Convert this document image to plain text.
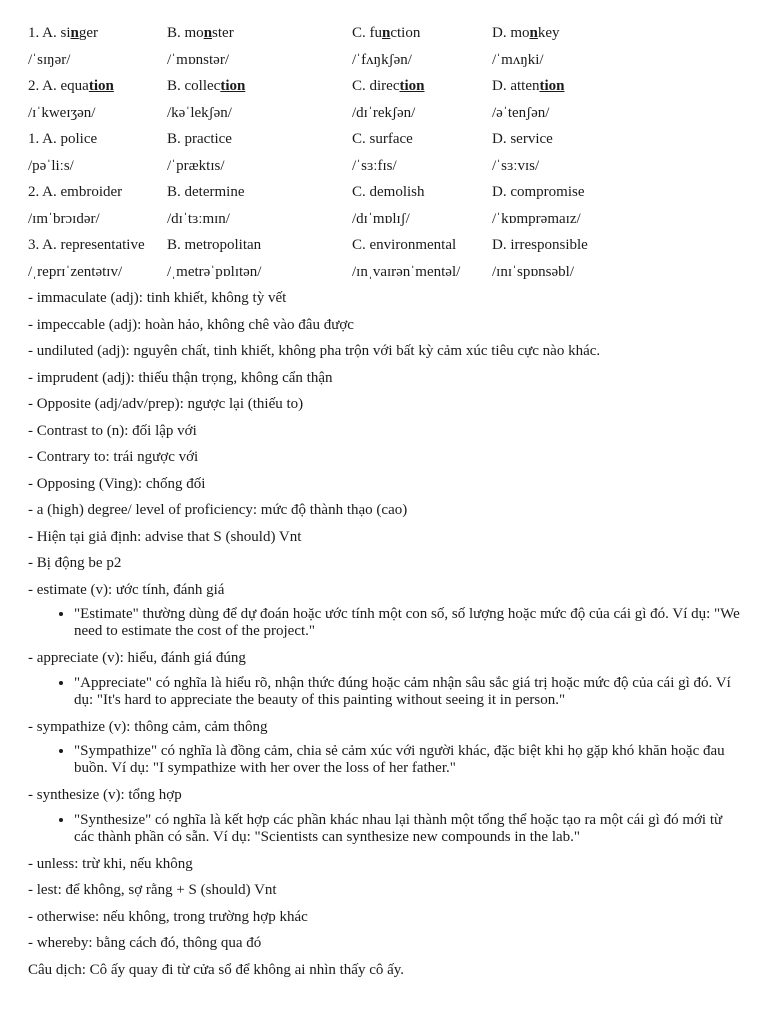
1. A. singer	B. monster	C. function	D. monkey
/ˈsɪŋər/	/ˈmɒnstər/	/ˈfʌŋkʃən/	/ˈmʌŋki/
2. A. equation	B. collection	C. direction	D. attention
/ɪˈkweɪʒən/	/kəˈlekʃən/	/dɪˈrekʃən/	/əˈtenʃən/
1. A. police	B. practice	C. surface	D. service
/pəˈliːs/	/ˈpræktɪs/	/ˈsɜːfɪs/	/ˈsɜːvɪs/
2. A. embroider	B. determine	C. demolish	D. compromise
/ɪmˈbrɔɪdər/	/dɪˈtɜːmɪn/	/dɪˈmɒlɪʃ/	/ˈkɒmprəmaɪz/
3. A. representative B. metropolitan	C. environmental D. irresponsible
/ˌreprɪˈzentətɪv/	/ˌmetrəˈpɒlɪtən/	/ɪnˌvaɪrənˈmentəl/ /ɪnɪˈspɒnsəbl/
- immaculate (adj): tinh khiết, không tỳ vết
- impeccable (adj): hoàn hảo, không chê vào đâu được
- undiluted (adj): nguyên chất, tinh khiết, không pha trộn với bất kỳ cảm xúc tiêu cực nào khác.
- imprudent (adj): thiếu thận trọng, không cẩn thận
- Opposite (adj/adv/prep): ngược lại (thiếu to)
- Contrast to (n): đối lập với
- Contrary to: trái ngược với
- Opposing (Ving): chống đối
- a (high) degree/ level of proficiency: mức độ thành thạo (cao)
- Hiện tại giả định: advise that S (should) Vnt
- Bị động be p2
- estimate (v): ước tính, đánh giá
• "Estimate" thường dùng để dự đoán hoặc ước tính một con số, số lượng hoặc mức độ của cái gì đó. Ví dụ: "We need to estimate the cost of the project."
- appreciate (v): hiểu, đánh giá đúng
• "Appreciate" có nghĩa là hiểu rõ, nhận thức đúng hoặc cảm nhận sâu sắc giá trị hoặc mức độ của cái gì đó. Ví dụ: "It's hard to appreciate the beauty of this painting without seeing it in person."
- sympathize (v): thông cảm, cảm thông
• "Sympathize" có nghĩa là đồng cảm, chia sẻ cảm xúc với người khác, đặc biệt khi họ gặp khó khăn hoặc đau buồn. Ví dụ: "I sympathize with her over the loss of her father."
- synthesize (v): tổng hợp
• "Synthesize" có nghĩa là kết hợp các phần khác nhau lại thành một tổng thể hoặc tạo ra một cái gì đó mới từ các thành phần có sẵn. Ví dụ: "Scientists can synthesize new compounds in the lab."
- unless: trừ khi, nếu không
- lest: để không, sợ rằng + S (should) Vnt
- otherwise: nếu không, trong trường hợp khác
- whereby: bằng cách đó, thông qua đó
Câu dịch: Cô ấy quay đi từ cửa sổ để không ai nhìn thấy cô ấy.
